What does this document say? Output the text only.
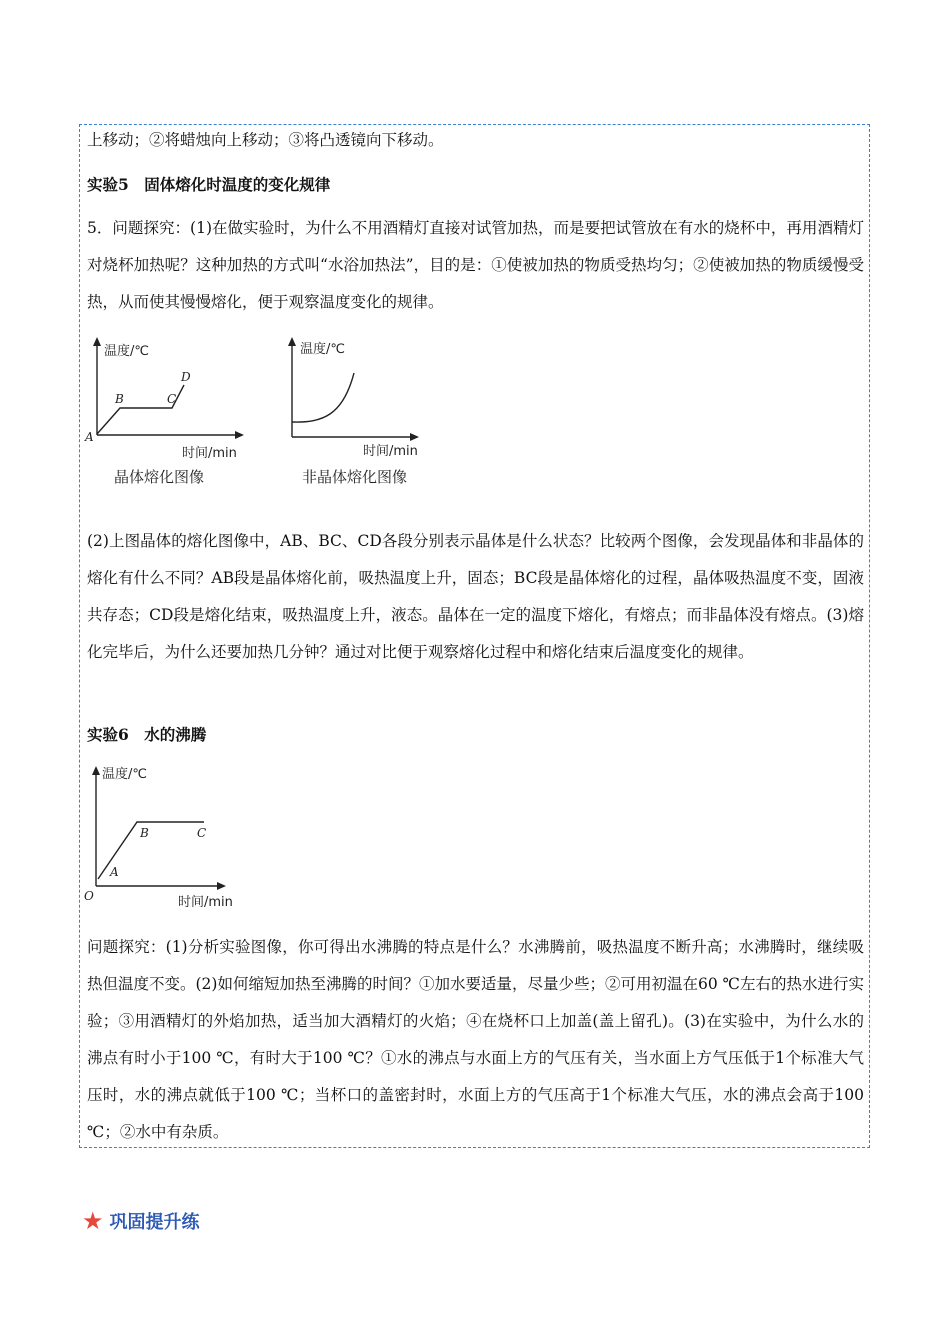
上移动；②将蜡烛向上移动；③将凸透镜向下移动。
实验5　固体熔化时温度的变化规律
5．问题探究：(1)在做实验时，为什么不用酒精灯直接对试管加热，而是要把试管放在有水的烧杯中，再用酒精灯对烧杯加热呢？这种加热的方式叫“水浴加热法”，目的是：①使被加热的物质受热均匀；②使被加热的物质缓慢受热，从而使其慢慢熔化，便于观察温度变化的规律。
温度/℃
时间/min
A
B	C
D
晶体熔化图像
温度/℃
时间/min
非晶体熔化图像
(2)上图晶体的熔化图像中，AB、BC、CD各段分别表示晶体是什么状态？比较两个图像，会发现晶体和非晶体的熔化有什么不同？AB段是晶体熔化前，吸热温度上升，固态；BC段是晶体熔化的过程，晶体吸热温度不变，固液共存态；CD段是熔化结束，吸热温度上升，液态。晶体在一定的温度下熔化，有熔点；而非晶体没有熔点。(3)熔化完毕后，为什么还要加热几分钟？通过对比便于观察熔化过程中和熔化结束后温度变化的规律。
实验6　水的沸腾
温度/℃
时间/min
O
A
B	C
问题探究：(1)分析实验图像，你可得出水沸腾的特点是什么？水沸腾前，吸热温度不断升高；水沸腾时，继续吸热但温度不变。(2)如何缩短加热至沸腾的时间？①加水要适量，尽量少些；②可用初温在60 ℃左右的热水进行实验；③用酒精灯的外焰加热，适当加大酒精灯的火焰；④在烧杯口上加盖(盖上留孔)。(3)在实验中，为什么水的沸点有时小于100 ℃，有时大于100 ℃？①水的沸点与水面上方的气压有关，当水面上方气压低于1个标准大气压时，水的沸点就低于100 ℃；当杯口的盖密封时，水面上方的气压高于1个标准大气压，水的沸点会高于100 ℃；②水中有杂质。
★ 巩固提升练
